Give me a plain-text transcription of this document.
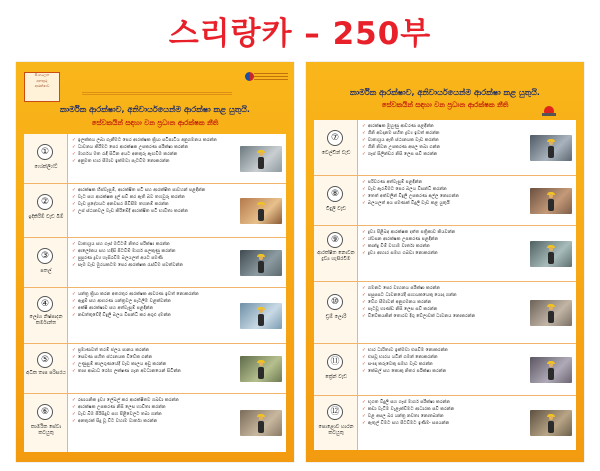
스리랑카 – 250부
සිංහලෙන
අනතුරු
ආරක්ෂාව
කාර්මික ආරක්ෂාව, අනිවාර්යයෙන්ම ආරක්ෂා කළ යුතුයි.
සේවකයින් සඳහා වන ප්‍රධාන ආරක්ෂක නීති
①
ෆෝක්ලිෆ්ට්
✓ ඉලක්කය ලබා ගැනීමට පෙර ආරක්ෂක ක්‍රියා පටිපාටිය අනුගමනය කරන්න
✓ ධාවනය කිරීමට පෙර ආරක්ෂක උපකරණ පරීක්ෂා කරන්න
✓ මාර්ගය මත රැඳී සිටින අයට අනතුරු ඇඟවීම කරන්න
✓ අනුමත භාර සීමාව ඉක්මවා පැටවීම නොකරන්න
②
ඉදිකිරීම් වැඩ බිම්
✓ ආරක්ෂක හිස්වැසුම්, ආරක්ෂිත පටි සහ ආරක්ෂිත පාවහන් පළඳින්න
✓ වැට සහ ආරක්ෂක දැල් සවි කර ඇති බව තහවුරු කරන්න
✓ වැඩ ප්‍රදේශයට අනවසර පිවිසීම තහනම් කරන්න
✓ උස් ස්ථානවල වැඩ කිරීමේදී ආරක්ෂිත පටි භාවිතා කරන්න
③
පතල්
✓ වාතාශ්‍රය සහ ගෑස් මට්ටම් නිතර පරීක්ෂා කරන්න
✓ ආලෝකය සහ හදිසි පිටවීම් මාර්ග සලකුණු කරන්න
✓ පුපුරණ ද්‍රව්‍ය හැසිරවීම බලයලත් අයට පමණි
✓ සෑම වැඩ මුරයකටම පෙර ආරක්ෂක රැස්වීම පවත්වන්න
④
ලෝහ නිෂ්පාදන කර්මාන්ත
✓ යන්ත්‍ර ක්‍රියා කරන අතරතුර ආරක්ෂක ආවරණ ඉවත් නොකරන්න
✓ ඇඳුම් සහ ආභරණ යන්ත්‍රවල පැටලීම වළක්වන්න
✓ අක්ෂි ආරක්ෂාව සහ අත්වැසුම් පළඳින්න
✓ නඩත්තුවේදී විදුලි බලය විසන්ධි කර අගුළු දමන්න
⑤
අධික තාප පරිසරය
✓ ප්‍රමාණවත් තරම් ජලය පානය කරන්න
✓ සෙවණ සහිත ස්ථානයක විවේක ගන්න
✓ උණුසුම් කාලගුණයේදී වැඩ කාලය අඩු කරන්න
✓ තාප ආබාධ රෝග ලක්ෂණ ගැන අවධානයෙන් සිටින්න
⑥
කාර්මික සේවා කටයුතු
✓ රසායනික ද්‍රව්‍ය ලේබල් කර ආරක්ෂිතව ගබඩා කරන්න
✓ ආරක්ෂක උපකරණ නිසි ලෙස භාවිතා කරන්න
✓ වැඩ බිම පිරිසිදුව සහ පිළිවෙලට තබා ගන්න
✓ අනතුරක් සිදු වූ විට වහාම වාර්තා කරන්න
කාර්මික ආරක්ෂාව, අනිවාර්යයෙන්ම ආරක්ෂා කළ යුතුයි.
සේවකයින් සඳහා වන ප්‍රධාන ආරක්ෂක නීති
⑦
වෙල්ඩින් වැඩ
✓ ආරක්ෂක මුහුණු ආවරණ පළඳින්න
✓ ගිනි අවදානම සහිත ද්‍රව්‍ය ඉවත් කරන්න
✓ වාතාශ්‍රය ඇති ස්ථානයක වැඩ කරන්න
✓ ගිනි නිවන උපකරණ අසල තබා ගන්න
✓ ගෑස් සිලින්ඩර නිසි ලෙස සවි කරන්න
⑧
විදුලි වැඩ
✓ පරිවරණ අත්වැසුම් පළඳින්න
✓ වැඩ ඇරඹීමට පෙර බලය විසන්ධි කරන්න
✓ තෙත් අත්වලින් විදුලි උපකරණ අල්ල නොගන්න
✓ බලයලත් අය පමණක් විදුලි වැඩ කළ යුතුයි
⑨
ආරක්ෂිත නොවන ද්‍රව්‍ය හැසිරවීම
✓ ද්‍රව්‍ය පිළිබඳ ආරක්ෂක දත්ත පත්‍රිකාව කියවන්න
✓ ශ්වසන ආරක්ෂක උපකරණ පළඳින්න
✓ කාන්දු වීම් වහාම වාර්තා කරන්න
✓ ද්‍රව්‍ය ආහාර සමඟ ගබඩා නොකරන්න
⑩
ඩ්‍රම් ලොරි
✓ ගමනට පෙර වාහනය පරීක්ෂා කරන්න
✓ පසුපසට ධාවනයේදී සහායකයෙකු යොදා ගන්න
✓ වේග සීමාවන් අනුගමනය කරන්න
✓ පැටවූ භාණ්ඩ නිසි ලෙස සවි කරන්න
✓ විවේකයකින් තොරව දිගු වේලාවක් ධාවනය නොකරන්න
⑪
ක්‍රේන් වැඩ
✓ භාර ධාරිතාව ඉක්මවා එසවීම නොකරන්න
✓ එසවූ භාරය යටින් ගමන් නොකරන්න
✓ සංඥා කරුවෙකු සමඟ වැඩ කරන්න
✓ කේබල් සහ කොකු නිතර පරීක්ෂා කරන්න
⑫
පොළොව හාරන කටයුතු
✓ භූගත විදුලි සහ ගෑස් මාර්ග පරීක්ෂා කරන්න
✓ කඩා වැටීම වැළැක්වීමට ආධාරක සවි කරන්න
✓ වළ අසල බර යන්ත්‍ර නවතා නොතබන්න
✓ ඇතුල් වීමට සහ පිටවීමට ඉණිමං සපයන්න
